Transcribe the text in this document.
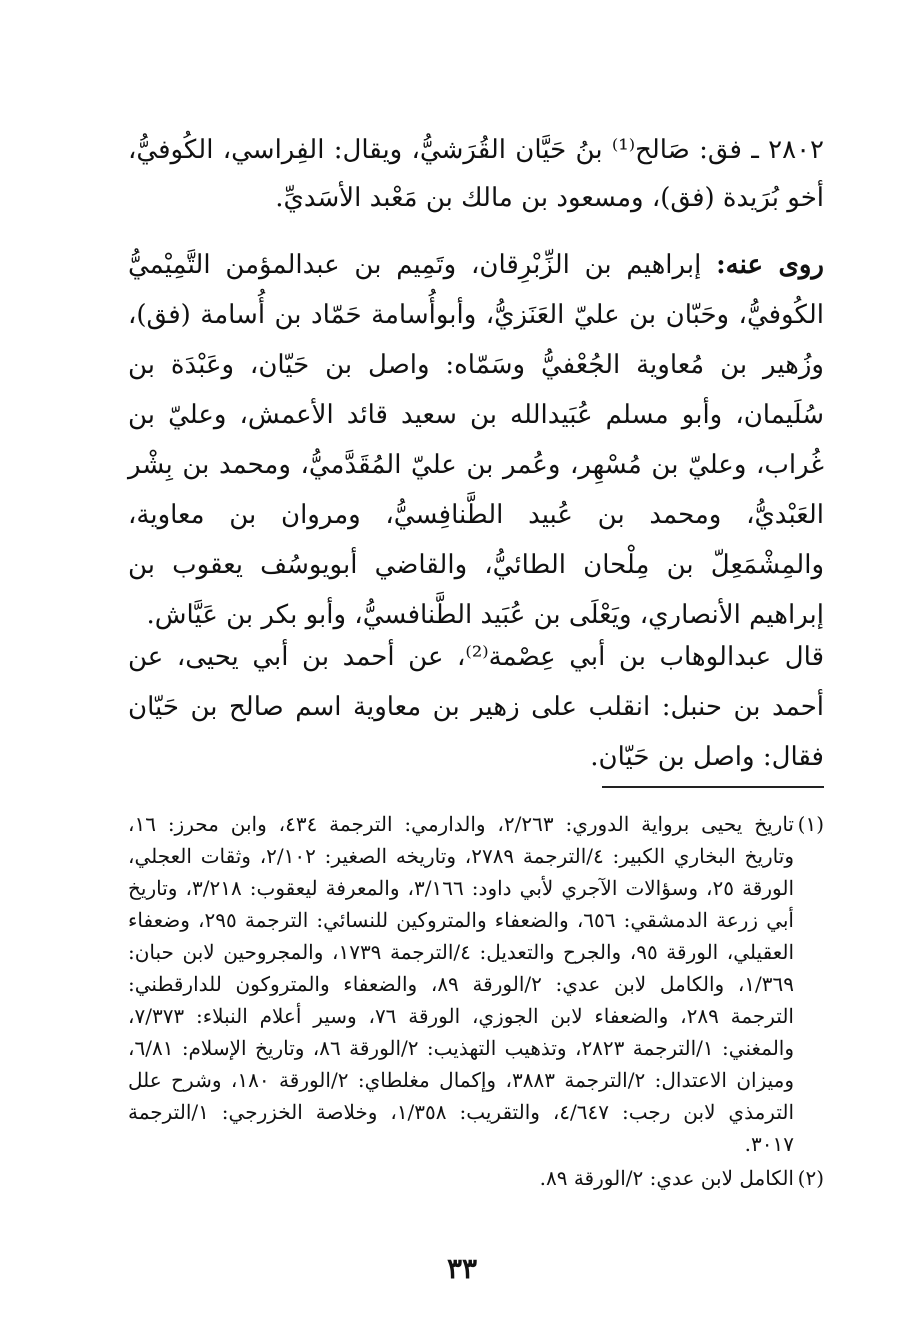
٢٨٠٢ ـ فق: صَالح⁽¹⁾ بنُ حَيَّان القُرَشيُّ، ويقال: الفِراسي، الكُوفيُّ، أخو بُرَيدة (فق)، ومسعود بن مالك بن مَعْبد الأسَديِّ.

روى عنه: إبراهيم بن الزِّبْرِقان، وتَمِيم بن عبدالمؤمن التَّمِيْميُّ الكُوفيُّ، وحَبّان بن عليّ العَنَزيُّ، وأبوأُسامة حَمّاد بن أُسامة (فق)، وزُهير بن مُعاوية الجُعْفيُّ وسَمّاه: واصل بن حَيّان، وعَبْدَة بن سُلَيمان، وأبو مسلم عُبَيدالله بن سعيد قائد الأعمش، وعليّ بن غُراب، وعليّ بن مُسْهِر، وعُمر بن عليّ المُقَدَّميُّ، ومحمد بن بِشْر العَبْديُّ، ومحمد بن عُبيد الطَّنافِسيُّ، ومروان بن معاوية، والمِشْمَعِلّ بن مِلْحان الطائيُّ، والقاضي أبويوسُف يعقوب بن إبراهيم الأنصاري، ويَعْلَى بن عُبَيد الطَّنافسيُّ، وأبو بكر بن عَيَّاش.

قال عبدالوهاب بن أبي عِصْمة⁽²⁾، عن أحمد بن أبي يحيى، عن أحمد بن حنبل: انقلب على زهير بن معاوية اسم صالح بن حَيّان فقال: واصل بن حَيّان.

(١)
تاريخ يحيى برواية الدوري: ٢/٢٦٣، والدارمي: الترجمة ٤٣٤، وابن محرز: ١٦، وتاريخ البخاري الكبير: ٤/الترجمة ٢٧٨٩، وتاريخه الصغير: ٢/١٠٢، وثقات العجلي، الورقة ٢٥، وسؤالات الآجري لأبي داود: ٣/١٦٦، والمعرفة ليعقوب: ٣/٢١٨، وتاريخ أبي زرعة الدمشقي: ٦٥٦، والضعفاء والمتروكين للنسائي: الترجمة ٢٩٥، وضعفاء العقيلي، الورقة ٩٥، والجرح والتعديل: ٤/الترجمة ١٧٣٩، والمجروحين لابن حبان: ١/٣٦٩، والكامل لابن عدي: ٢/الورقة ٨٩، والضعفاء والمتروكون للدارقطني: الترجمة ٢٨٩، والضعفاء لابن الجوزي، الورقة ٧٦، وسير أعلام النبلاء: ٧/٣٧٣، والمغني: ١/الترجمة ٢٨٢٣، وتذهيب التهذيب: ٢/الورقة ٨٦، وتاريخ الإسلام: ٦/٨١، وميزان الاعتدال: ٢/الترجمة ٣٨٨٣، وإكمال مغلطاي: ٢/الورقة ١٨٠، وشرح علل الترمذي لابن رجب: ٤/٦٤٧، والتقريب: ١/٣٥٨، وخلاصة الخزرجي: ١/الترجمة ٣٠١٧.
(٢)
الكامل لابن عدي: ٢/الورقة ٨٩.
٣٣
